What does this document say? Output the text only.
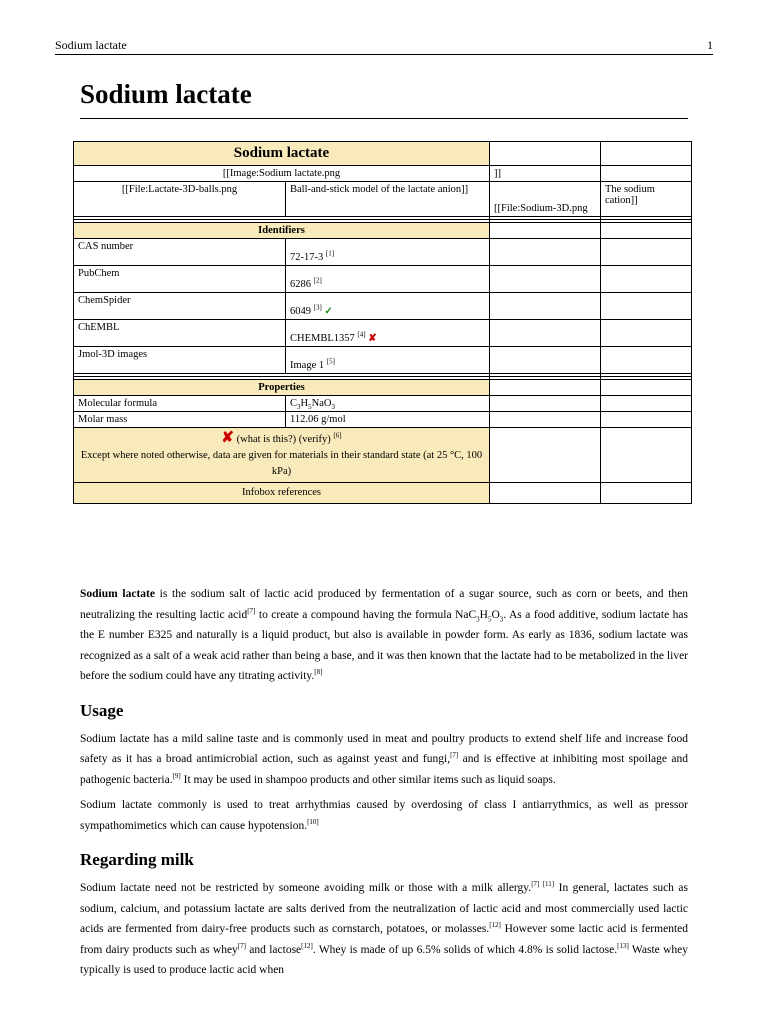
Sodium lactate	1
Sodium lactate
Sodium lactate			
[[Image:Sodium lactate.png		]]	
[[File:Lactate-3D-balls.png	Ball-and-stick model of the lactate anion]]	[[File:Sodium-3D.png	The sodium cation]]

Identifiers			
CAS number	72-17-3 [1]		
PubChem	6286 [2]		
ChemSpider	6049 [3] ✓		
ChEMBL	CHEMBL1357 [4] ✘		
Jmol-3D images	Image 1 [5]		

Properties			
Molecular formula	$C_3H_5NaO_3$		
Molar mass	112.06 g/mol		
✘ (what is this?) (verify) [6]
Except where noted otherwise, data are given for materials in their standard state (at 25 °C, 100 kPa)			
Infobox references			

Sodium lactate is the sodium salt of lactic acid produced by fermentation of a sugar source, such as corn or beets, and then neutralizing the resulting lactic acid[7] to create a compound having the formula $NaC_3H_5O_3$. As a food additive, sodium lactate has the E number E325 and naturally is a liquid product, but also is available in powder form. As early as 1836, sodium lactate was recognized as a salt of a weak acid rather than being a base, and it was then known that the lactate had to be metabolized in the liver before the sodium could have any titrating activity.[8]

Usage

Sodium lactate has a mild saline taste and is commonly used in meat and poultry products to extend shelf life and increase food safety as it has a broad antimicrobial action, such as against yeast and fungi,[7] and is effective at inhibiting most spoilage and pathogenic bacteria.[9] It may be used in shampoo products and other similar items such as liquid soaps.

Sodium lactate commonly is used to treat arrhythmias caused by overdosing of class I antiarrythmics, as well as pressor sympathomimetics which can cause hypotension.[10]

Regarding milk

Sodium lactate need not be restricted by someone avoiding milk or those with a milk allergy.[7] [11] In general, lactates such as sodium, calcium, and potassium lactate are salts derived from the neutralization of lactic acid and most commercially used lactic acids are fermented from dairy-free products such as cornstarch, potatoes, or molasses.[12] However some lactic acid is fermented from dairy products such as whey[7] and lactose[12]. Whey is made of up 6.5% solids of which 4.8% is solid lactose.[13] Waste whey typically is used to produce lactic acid when
